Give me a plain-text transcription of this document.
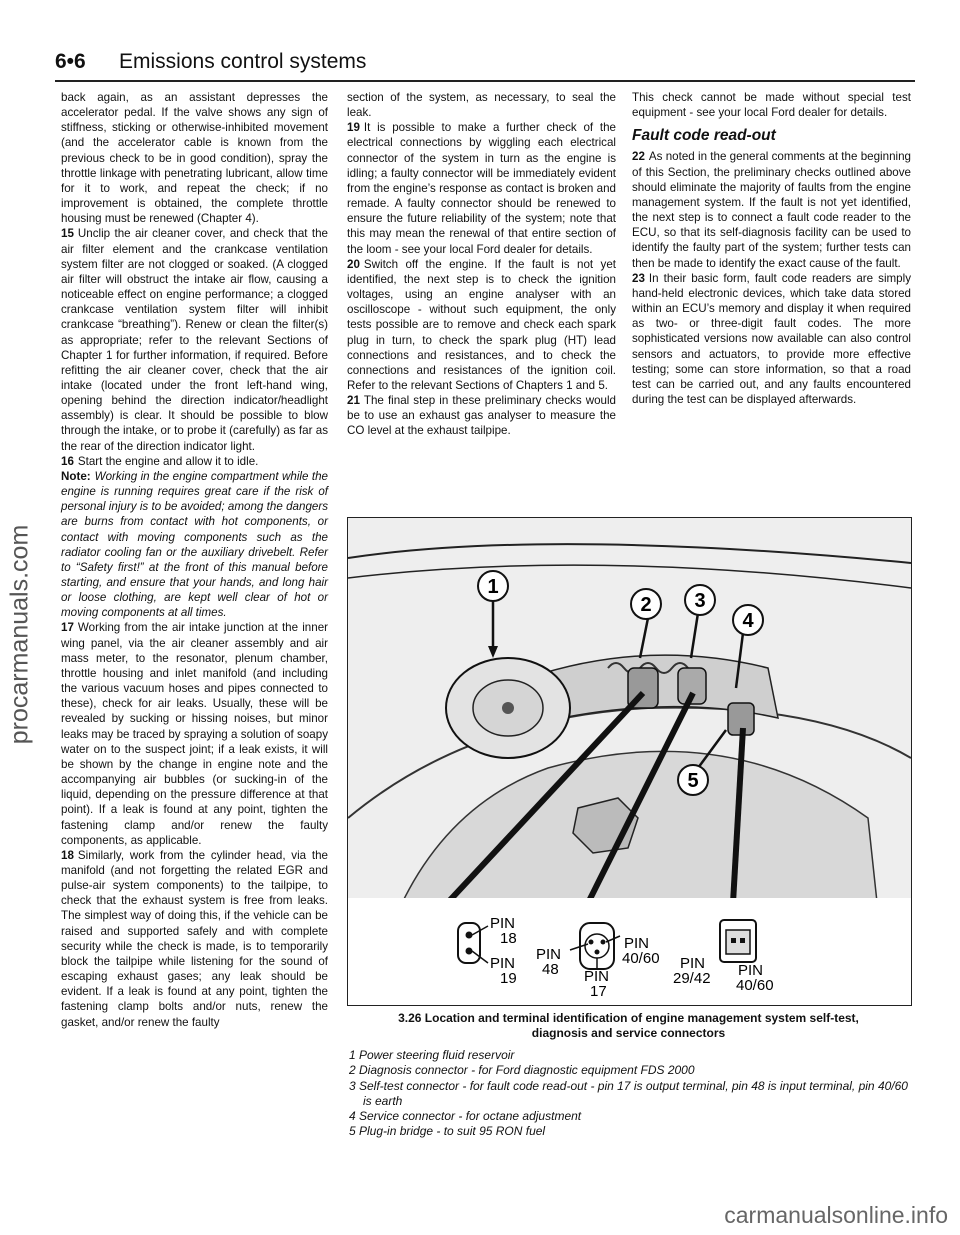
6•6 Emissions control systems

back again, as an assistant depresses the accelerator pedal. If the valve shows any sign of stiffness, sticking or otherwise-inhibited movement (and the accelerator cable is known from the previous check to be in good condition), spray the throttle linkage with penetrating lubricant, allow time for it to work, and repeat the check; if no improvement is obtained, the complete throttle housing must be renewed (Chapter 4).

15 Unclip the air cleaner cover, and check that the air filter element and the crankcase ventilation system filter are not clogged or soaked. (A clogged air filter will obstruct the intake air flow, causing a noticeable effect on engine performance; a clogged crankcase ventilation system filter will inhibit crankcase “breathing”). Renew or clean the filter(s) as appropriate; refer to the relevant Sections of Chapter 1 for further information, if required. Before refitting the air cleaner cover, check that the air intake (located under the front left-hand wing, opening behind the direction indicator/headlight assembly) is clear. It should be possible to blow through the intake, or to probe it (carefully) as far as the rear of the direction indicator light.

16 Start the engine and allow it to idle.

Note: Working in the engine compartment while the engine is running requires great care if the risk of personal injury is to be avoided; among the dangers are burns from contact with hot components, or contact with moving components such as the radiator cooling fan or the auxiliary drivebelt. Refer to “Safety first!” at the front of this manual before starting, and ensure that your hands, and long hair or loose clothing, are kept well clear of hot or moving components at all times.

17 Working from the air intake junction at the inner wing panel, via the air cleaner assembly and air mass meter, to the resonator, plenum chamber, throttle housing and inlet manifold (and including the various vacuum hoses and pipes connected to these), check for air leaks. Usually, these will be revealed by sucking or hissing noises, but minor leaks may be traced by spraying a solution of soapy water on to the suspect joint; if a leak exists, it will be shown by the change in engine note and the accompanying air bubbles (or sucking-in of the liquid, depending on the pressure difference at that point). If a leak is found at any point, tighten the fastening clamp and/or renew the faulty components, as applicable.

18 Similarly, work from the cylinder head, via the manifold (and not forgetting the related EGR and pulse-air system components) to the tailpipe, to check that the exhaust system is free from leaks. The simplest way of doing this, if the vehicle can be raised and supported safely and with complete security while the check is made, is to temporarily block the tailpipe while listening for the sound of escaping exhaust gases; any leak should be evident. If a leak is found at any point, tighten the fastening clamp bolts and/or nuts, renew the gasket, and/or renew the faulty

section of the system, as necessary, to seal the leak.

19 It is possible to make a further check of the electrical connections by wiggling each electrical connector of the system in turn as the engine is idling; a faulty connector will be immediately evident from the engine’s response as contact is broken and remade. A faulty connector should be renewed to ensure the future reliability of the system; note that this may mean the renewal of that entire section of the loom - see your local Ford dealer for details.

20 Switch off the engine. If the fault is not yet identified, the next step is to check the ignition voltages, using an engine analyser with an oscilloscope - without such equipment, the only tests possible are to remove and check each spark plug in turn, to check the spark plug (HT) lead connections and resistances, and to check the connections and resistances of the ignition coil. Refer to the relevant Sections of Chapters 1 and 5.

21 The final step in these preliminary checks would be to use an exhaust gas analyser to measure the CO level at the exhaust tailpipe.

This check cannot be made without special test equipment - see your local Ford dealer for details.

Fault code read-out

22 As noted in the general comments at the beginning of this Section, the preliminary checks outlined above should eliminate the majority of faults from the engine management system. If the fault is not yet identified, the next step is to connect a fault code reader to the ECU, so that its self-diagnosis facility can be used to identify the faulty part of the system; further tests can then be made to identify the exact cause of the fault.

23 In their basic form, fault code readers are simply hand-held electronic devices, which take data stored within an ECU’s memory and display it when required as two- or three-digit fault codes. The more sophisticated versions now available can also control sensors and actuators, to provide more effective testing; some can store information, so that a road test can be carried out, and any faults encountered during the test can be displayed afterwards.

1
2 3
4
5
PIN
18
PIN
19
PIN
48
PIN
40/60
PIN
17
PIN
29/42 PIN
40/60
3.26 Location and terminal identification of engine management system self-test,
diagnosis and service connectors
1 Power steering fluid reservoir
2 Diagnosis connector - for Ford diagnostic equipment FDS 2000
3 Self-test connector - for fault code read-out - pin 17 is output terminal, pin 48 is input terminal, pin 40/60 is earth
4 Service connector - for octane adjustment
5 Plug-in bridge - to suit 95 RON fuel
procarmanuals.com
carmanualsonline.info
